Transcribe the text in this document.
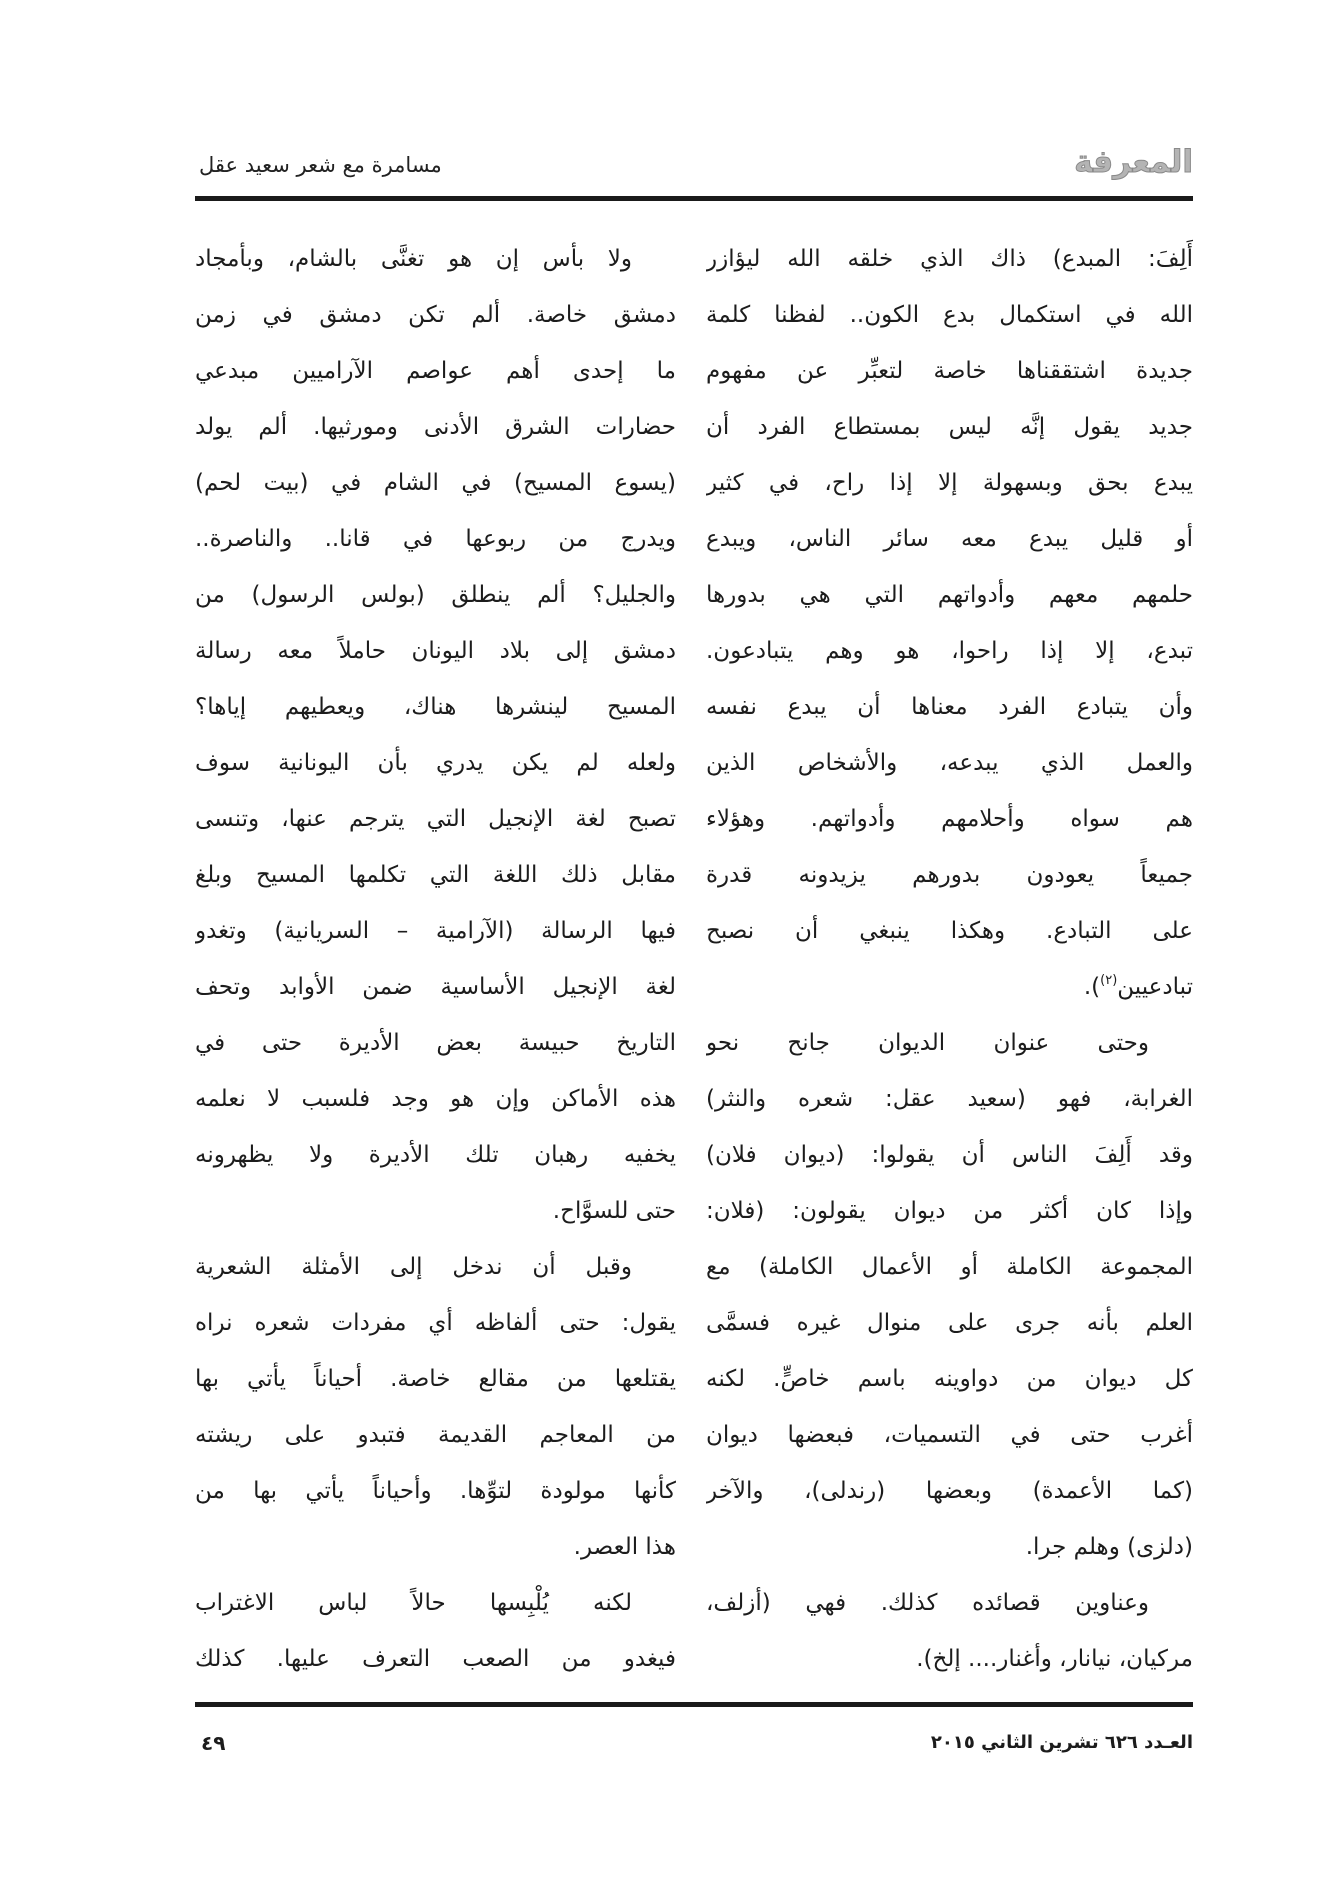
المعرفة
مسامرة مع شعر سعيد عقل
أَلِفَ: المبدع) ذاك الذي خلقه الله ليؤازر
الله في استكمال بدع الكون.. لفظنا كلمة
جديدة اشتققناها خاصة لتعبِّر عن مفهوم
جديد يقول إنَّه ليس بمستطاع الفرد أن
يبدع بحق وبسهولة إلا إذا راح، في كثير
أو قليل يبدع معه سائر الناس، ويبدع
حلمهم معهم وأدواتهم التي هي بدورها
تبدع، إلا إذا راحوا، هو وهم يتبادعون.
وأن يتبادع الفرد معناها أن يبدع نفسه
والعمل الذي يبدعه، والأشخاص الذين
هم سواه وأحلامهم وأدواتهم. وهؤلاء
جميعاً يعودون بدورهم يزيدونه قدرة
على التبادع. وهكذا ينبغي أن نصبح
تبادعيين$^{(٢)}$).
وحتى عنوان الديوان جانح نحو
الغرابة، فهو (سعيد عقل: شعره والنثر)
وقد أَلِفَ الناس أن يقولوا: (ديوان فلان)
وإذا كان أكثر من ديوان يقولون: (فلان:
المجموعة الكاملة أو الأعمال الكاملة) مع
العلم بأنه جرى على منوال غيره فسمَّى
كل ديوان من دواوينه باسم خاصٍّ. لكنه
أغرب حتى في التسميات، فبعضها ديوان
(كما الأعمدة) وبعضها (رندلى)، والآخر
(دلزى) وهلم جرا.
وعناوين قصائده كذلك. فهي (أزلف،
مركيان، نيانار، وأغنار.... إلخ).
ولا بأس إن هو تغنَّى بالشام، وبأمجاد
دمشق خاصة. ألم تكن دمشق في زمن
ما إحدى أهم عواصم الآراميين مبدعي
حضارات الشرق الأدنى ومورثيها. ألم يولد
(يسوع المسيح) في الشام في (بيت لحم)
ويدرج من ربوعها في قانا.. والناصرة..
والجليل؟ ألم ينطلق (بولس الرسول) من
دمشق إلى بلاد اليونان حاملاً معه رسالة
المسيح لينشرها هناك، ويعطيهم إياها؟
ولعله لم يكن يدري بأن اليونانية سوف
تصبح لغة الإنجيل التي يترجم عنها، وتنسى
مقابل ذلك اللغة التي تكلمها المسيح وبلغ
فيها الرسالة (الآرامية – السريانية) وتغدو
لغة الإنجيل الأساسية ضمن الأوابد وتحف
التاريخ حبيسة بعض الأديرة حتى في
هذه الأماكن وإن هو وجد فلسبب لا نعلمه
يخفيه رهبان تلك الأديرة ولا يظهرونه
حتى للسوَّاح.
وقبل أن ندخل إلى الأمثلة الشعرية
يقول: حتى ألفاظه أي مفردات شعره نراه
يقتلعها من مقالع خاصة. أحياناً يأتي بها
من المعاجم القديمة فتبدو على ريشته
كأنها مولودة لتوِّها. وأحياناً يأتي بها من
هذا العصر.
لكنه يُلْبِسها حالاً لباس الاغتراب
فيغدو من الصعب التعرف عليها. كذلك
العـدد ٦٢٦ تشرين الثاني ٢٠١٥
٤٩
